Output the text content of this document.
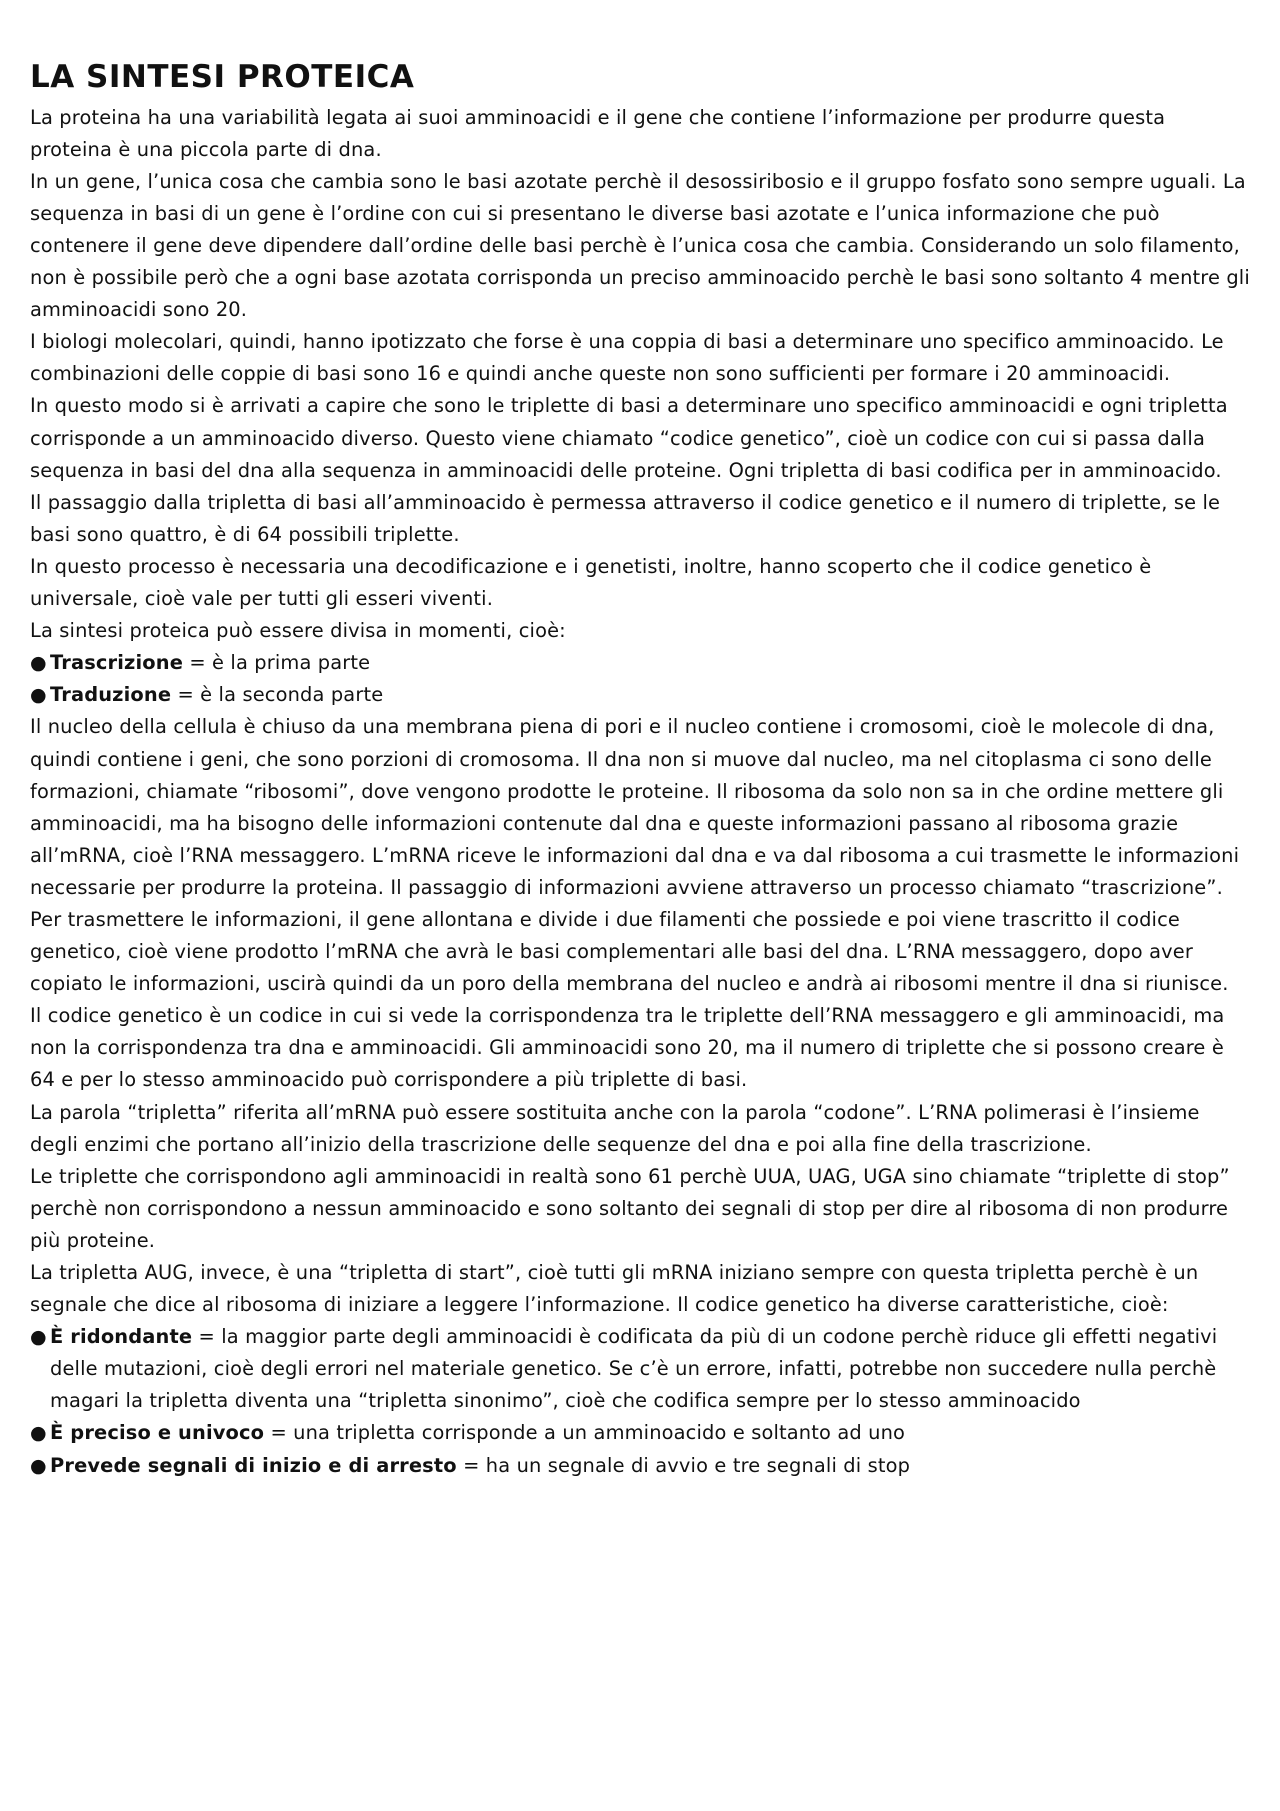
LA SINTESI PROTEICA

La proteina ha una variabilità legata ai suoi amminoacidi e il gene che contiene l’informazione per produrre questa proteina è una piccola parte di dna.

In un gene, l’unica cosa che cambia sono le basi azotate perchè il desossiribosio e il gruppo fosfato sono sempre uguali. La sequenza in basi di un gene è l’ordine con cui si presentano le diverse basi azotate e l’unica informazione che può contenere il gene deve dipendere dall’ordine delle basi perchè è l’unica cosa che cambia. Considerando un solo filamento, non è possibile però che a ogni base azotata corrisponda un preciso amminoacido perchè le basi sono soltanto 4 mentre gli amminoacidi sono 20.

I biologi molecolari, quindi, hanno ipotizzato che forse è una coppia di basi a determinare uno specifico amminoacido. Le combinazioni delle coppie di basi sono 16 e quindi anche queste non sono sufficienti per formare i 20 amminoacidi.

In questo modo si è arrivati a capire che sono le triplette di basi a determinare uno specifico amminoacidi e ogni tripletta corrisponde a un amminoacido diverso. Questo viene chiamato “codice genetico”, cioè un codice con cui si passa dalla sequenza in basi del dna alla sequenza in amminoacidi delle proteine. Ogni tripletta di basi codifica per in amminoacido.

Il passaggio dalla tripletta di basi all’amminoacido è permessa attraverso il codice genetico e il numero di triplette, se le basi sono quattro, è di 64 possibili triplette.

In questo processo è necessaria una decodificazione e i genetisti, inoltre, hanno scoperto che il codice genetico è universale, cioè vale per tutti gli esseri viventi.

La sintesi proteica può essere divisa in momenti, cioè:

● Trascrizione = è la prima parte
● Traduzione = è la seconda parte

Il nucleo della cellula è chiuso da una membrana piena di pori e il nucleo contiene i cromosomi, cioè le molecole di dna, quindi contiene i geni, che sono porzioni di cromosoma. Il dna non si muove dal nucleo, ma nel citoplasma ci sono delle formazioni, chiamate “ribosomi”, dove vengono prodotte le proteine. Il ribosoma da solo non sa in che ordine mettere gli amminoacidi, ma ha bisogno delle informazioni contenute dal dna e queste informazioni passano al ribosoma grazie all’mRNA, cioè l’RNA messaggero. L’mRNA riceve le informazioni dal dna e va dal ribosoma a cui trasmette le informazioni necessarie per produrre la proteina. Il passaggio di informazioni avviene attraverso un processo chiamato “trascrizione”.

Per trasmettere le informazioni, il gene allontana e divide i due filamenti che possiede e poi viene trascritto il codice genetico, cioè viene prodotto l’mRNA che avrà le basi complementari alle basi del dna. L’RNA messaggero, dopo aver copiato le informazioni, uscirà quindi da un poro della membrana del nucleo e andrà ai ribosomi mentre il dna si riunisce.

Il codice genetico è un codice in cui si vede la corrispondenza tra le triplette dell’RNA messaggero e gli amminoacidi, ma non la corrispondenza tra dna e amminoacidi. Gli amminoacidi sono 20, ma il numero di triplette che si possono creare è 64 e per lo stesso amminoacido può corrispondere a più triplette di basi.

La parola “tripletta” riferita all’mRNA può essere sostituita anche con la parola “codone”. L’RNA polimerasi è l’insieme degli enzimi che portano all’inizio della trascrizione delle sequenze del dna e poi alla fine della trascrizione.

Le triplette che corrispondono agli amminoacidi in realtà sono 61 perchè UUA, UAG, UGA sino chiamate “triplette di stop” perchè non corrispondono a nessun amminoacido e sono soltanto dei segnali di stop per dire al ribosoma di non produrre più proteine.

La tripletta AUG, invece, è una “tripletta di start”, cioè tutti gli mRNA iniziano sempre con questa tripletta perchè è un segnale che dice al ribosoma di iniziare a leggere l’informazione. Il codice genetico ha diverse caratteristiche, cioè:

● È ridondante = la maggior parte degli amminoacidi è codificata da più di un codone perchè riduce gli effetti negativi delle mutazioni, cioè degli errori nel materiale genetico. Se c’è un errore, infatti, potrebbe non succedere nulla perchè magari la tripletta diventa una “tripletta sinonimo”, cioè che codifica sempre per lo stesso amminoacido
● È preciso e univoco = una tripletta corrisponde a un amminoacido e soltanto ad uno
● Prevede segnali di inizio e di arresto = ha un segnale di avvio e tre segnali di stop
